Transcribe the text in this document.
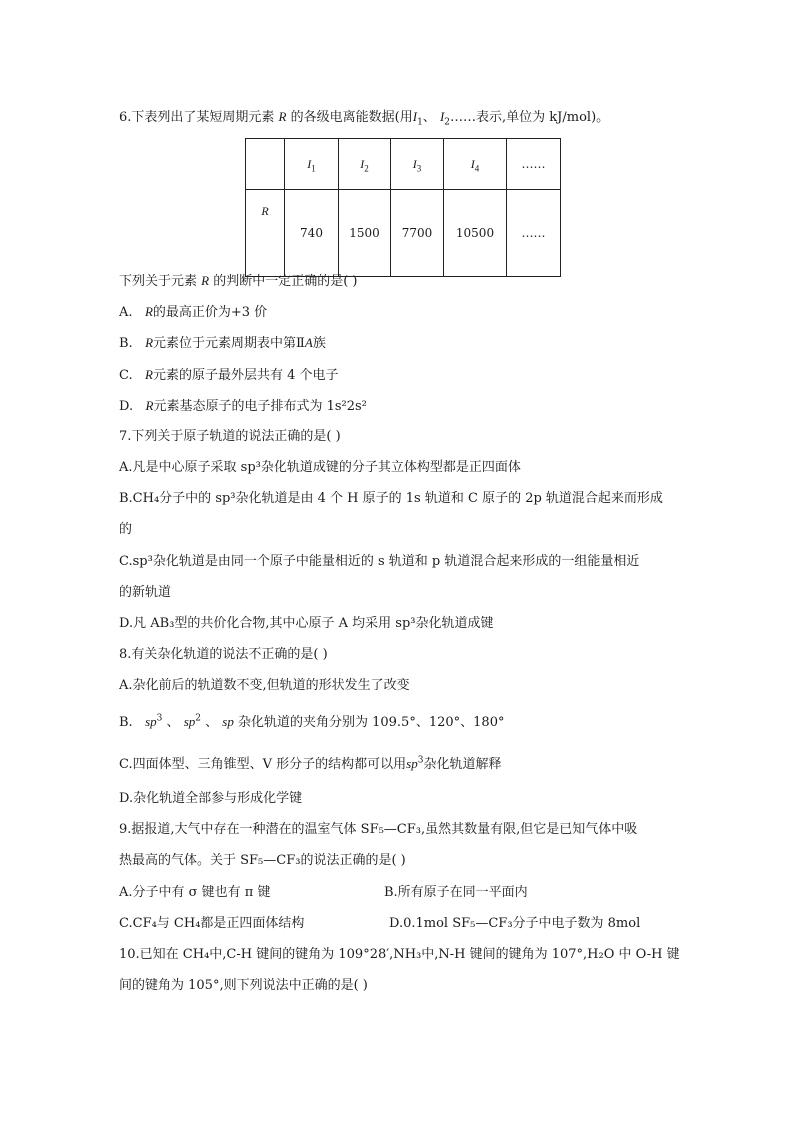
6.下表列出了某短周期元素 R 的各级电离能数据(用$I_1$、 $I_2\dots\dots$表示,单位为 kJ/mol)。
	$I_1$	$I_2$	$I_3$	$I_4$	……
R	740	1500	7700	10500	……
下列关于元素 R 的判断中一定正确的是( )
A. R的最高正价为+3 价
B. R元素位于元素周期表中第ⅡA族
C. R元素的原子最外层共有 4 个电子
D. R元素基态原子的电子排布式为 1s²2s²
7.下列关于原子轨道的说法正确的是( )
A.凡是中心原子采取 sp³杂化轨道成键的分子其立体构型都是正四面体
B.CH₄分子中的 sp³杂化轨道是由 4 个 H 原子的 1s 轨道和 C 原子的 2p 轨道混合起来而形成
的
C.sp³杂化轨道是由同一个原子中能量相近的 s 轨道和 p 轨道混合起来形成的一组能量相近
的新轨道
D.凡 AB₃型的共价化合物,其中心原子 A 均采用 sp³杂化轨道成键
8.有关杂化轨道的说法不正确的是( )
A.杂化前后的轨道数不变,但轨道的形状发生了改变
B. $sp^3$ 、 $sp^2$ 、 sp 杂化轨道的夹角分别为 109.5°、120°、180°
C.四面体型、三角锥型、V 形分子的结构都可以用$sp^3$杂化轨道解释
D.杂化轨道全部参与形成化学键
9.据报道,大气中存在一种潜在的温室气体 SF₅—CF₃,虽然其数量有限,但它是已知气体中吸
热最高的气体。关于 SF₅—CF₃的说法正确的是( )
A.分子中有 σ 键也有 π 键	B.所有原子在同一平面内
C.CF₄与 CH₄都是正四面体结构	D.0.1mol SF₅—CF₃分子中电子数为 8mol
10.已知在 CH₄中,C-H 键间的键角为 109°28′,NH₃中,N-H 键间的键角为 107°,H₂O 中 O-H 键
间的键角为 105°,则下列说法中正确的是( )
